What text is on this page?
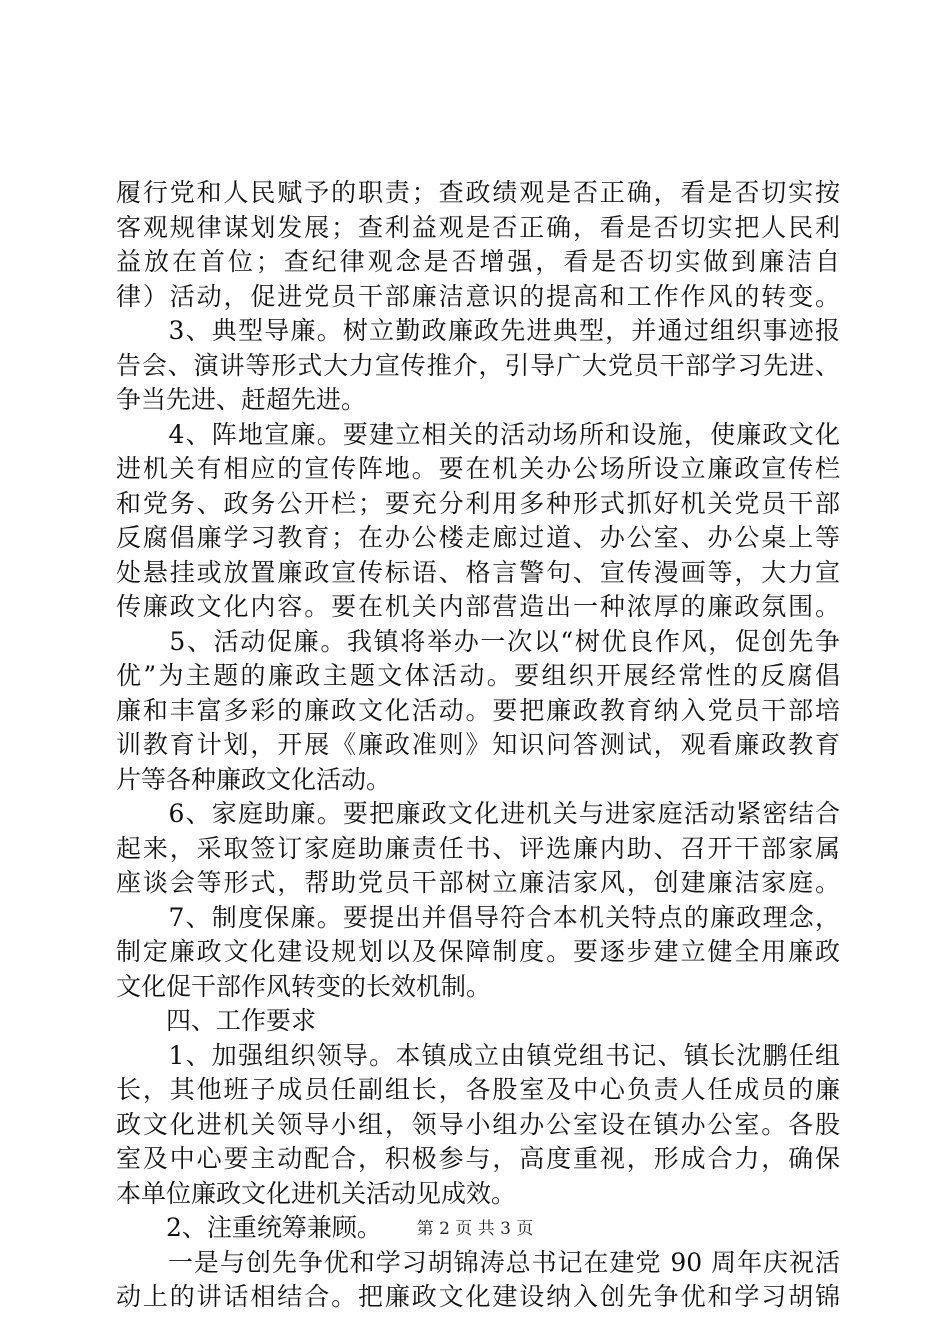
履行党和人民赋予的职责；查政绩观是否正确，看是否切实按
客观规律谋划发展；查利益观是否正确，看是否切实把人民利
益放在首位；查纪律观念是否增强，看是否切实做到廉洁自
律）活动，促进党员干部廉洁意识的提高和工作作风的转变。
　　3、典型导廉。树立勤政廉政先进典型，并通过组织事迹报
告会、演讲等形式大力宣传推介，引导广大党员干部学习先进、
争当先进、赶超先进。
　　4、阵地宣廉。要建立相关的活动场所和设施，使廉政文化
进机关有相应的宣传阵地。要在机关办公场所设立廉政宣传栏
和党务、政务公开栏；要充分利用多种形式抓好机关党员干部
反腐倡廉学习教育；在办公楼走廊过道、办公室、办公桌上等
处悬挂或放置廉政宣传标语、格言警句、宣传漫画等，大力宣
传廉政文化内容。要在机关内部营造出一种浓厚的廉政氛围。
　　5、活动促廉。我镇将举办一次以“树优良作风，促创先争
优”为主题的廉政主题文体活动。要组织开展经常性的反腐倡
廉和丰富多彩的廉政文化活动。要把廉政教育纳入党员干部培
训教育计划，开展《廉政准则》知识问答测试，观看廉政教育
片等各种廉政文化活动。
　　6、家庭助廉。要把廉政文化进机关与进家庭活动紧密结合
起来，采取签订家庭助廉责任书、评选廉内助、召开干部家属
座谈会等形式，帮助党员干部树立廉洁家风，创建廉洁家庭。
　　7、制度保廉。要提出并倡导符合本机关特点的廉政理念，
制定廉政文化建设规划以及保障制度。要逐步建立健全用廉政
文化促干部作风转变的长效机制。
　　四、工作要求
　　1、加强组织领导。本镇成立由镇党组书记、镇长沈鹏任组
长，其他班子成员任副组长，各股室及中心负责人任成员的廉
政文化进机关领导小组，领导小组办公室设在镇办公室。各股
室及中心要主动配合，积极参与，高度重视，形成合力，确保
本单位廉政文化进机关活动见成效。
　　2、注重统筹兼顾。
　　一是与创先争优和学习胡锦涛总书记在建党 90 周年庆祝活
动上的讲话相结合。把廉政文化建设纳入创先争优和学习胡锦
第 2 页 共 3 页
